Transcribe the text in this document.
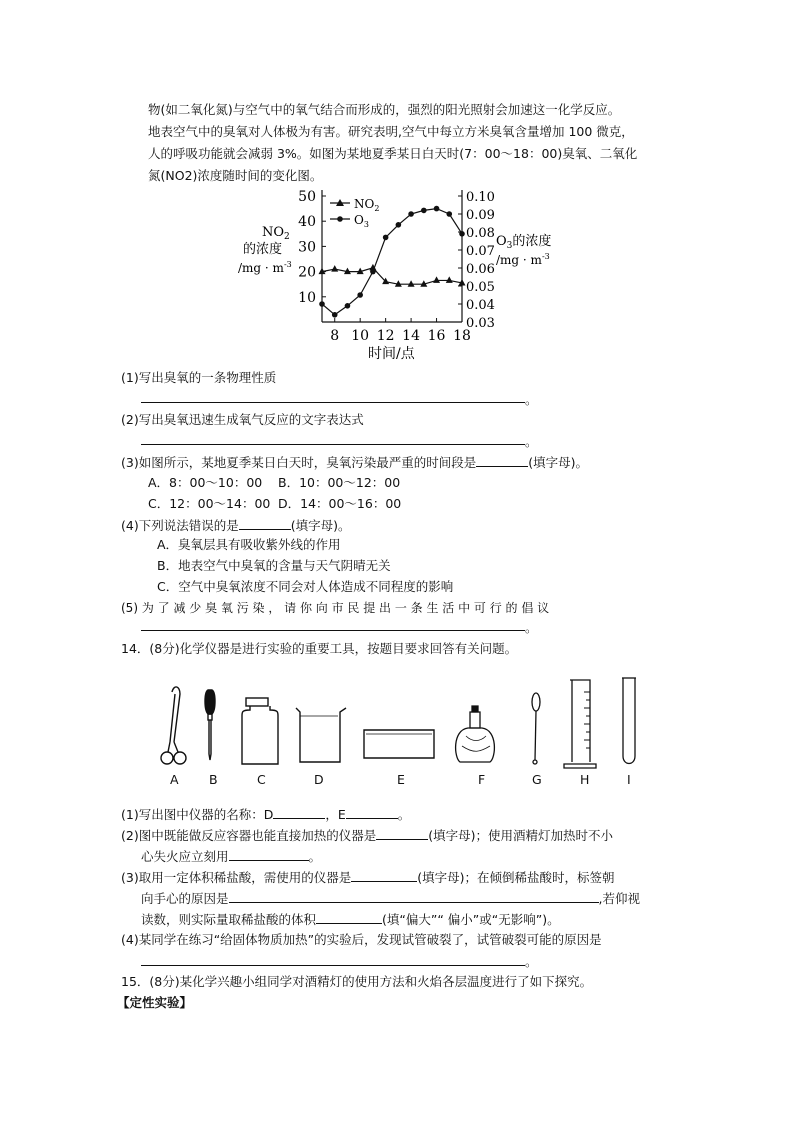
物(如二氧化氮)与空气中的氧气结合而形成的，强烈的阳光照射会加速这一化学反应。
地表空气中的臭氧对人体极为有害。研究表明,空气中每立方米臭氧含量增加 100 微克，
人的呼吸功能就会减弱 3%。如图为某地夏季某日白天时(7：00～18：00)臭氧、二氧化
氮(NO2)浓度随时间的变化图。
50
40
30
20
10
0.10
0.09
0.08
0.07
0.06
0.05
0.04
0.03
8 10 12 14 16 18
$NO_2$
的浓度
$/mg \cdot m^{-3}$
$O_3$的浓度
$/mg \cdot m^{-3}$
时间/点
$NO_2$
$O_3$
(1)写出臭氧的一条物理性质
。
(2)写出臭氧迅速生成氧气反应的文字表达式
。
(3)如图所示，某地夏季某日白天时，臭氧污染最严重的时间段是	(填字母)。
A．8：00～10：00 B．10：00～12：00
C．12：00～14：00 D．14：00～16：00
(4)下列说法错误的是	(填字母)。
A．臭氧层具有吸收紫外线的作用
B．地表空气中臭氧的含量与天气阴晴无关
C．空气中臭氧浓度不同会对人体造成不同程度的影响
(5) 为 了 减 少 臭 氧 污 染 ， 请 你 向 市 民 提 出 一 条 生 活 中 可 行 的 倡 议
。
14．(8分)化学仪器是进行实验的重要工具，按题目要求回答有关问题。
A B	C	D	E	F	G	H	I
(1)写出图中仪器的名称：D	，E	。
(2)图中既能做反应容器也能直接加热的仪器是	(填字母)；使用酒精灯加热时不小
心失火应立刻用	。
(3)取用一定体积稀盐酸，需使用的仪器是	(填字母)；在倾倒稀盐酸时，标签朝
向手心的原因是	,若仰视
读数，则实际量取稀盐酸的体积	(填“偏大”“ 偏小”或“无影响”)。
(4)某同学在练习“给固体物质加热”的实验后，发现试管破裂了，试管破裂可能的原因是
。
15．(8分)某化学兴趣小组同学对酒精灯的使用方法和火焰各层温度进行了如下探究。
【定性实验】
